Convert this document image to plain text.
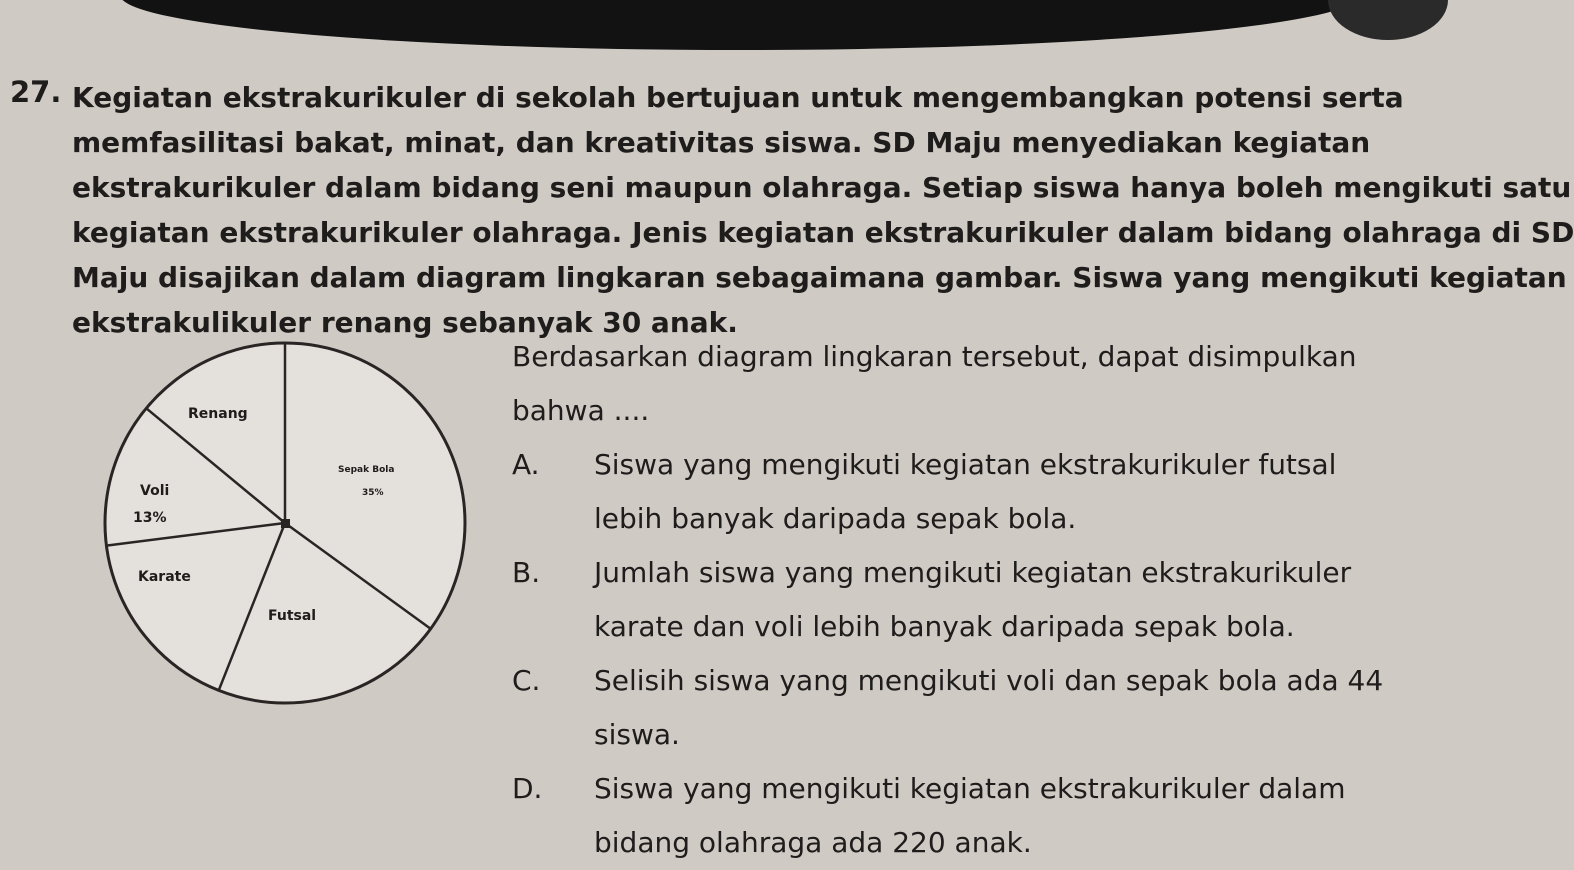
27. Kegiatan ekstrakurikuler di sekolah bertujuan untuk mengembangkan potensi serta
memfasilitasi bakat, minat, dan kreativitas siswa. SD Maju menyediakan kegiatan
ekstrakurikuler dalam bidang seni maupun olahraga. Setiap siswa hanya boleh mengikuti satu
kegiatan ekstrakurikuler olahraga. Jenis kegiatan ekstrakurikuler dalam bidang olahraga di SD
Maju disajikan dalam diagram lingkaran sebagaimana gambar. Siswa yang mengikuti kegiatan
ekstrakulikuler renang sebanyak 30 anak.
Renang
Sepak Bola
35%
Voli
13%
Karate
Futsal
Berdasarkan diagram lingkaran tersebut, dapat disimpulkan
bahwa ....
A. Siswa yang mengikuti kegiatan ekstrakurikuler futsal
lebih banyak daripada sepak bola.
B. Jumlah siswa yang mengikuti kegiatan ekstrakurikuler
karate dan voli lebih banyak daripada sepak bola.
C. Selisih siswa yang mengikuti voli dan sepak bola ada 44
siswa.
D. Siswa yang mengikuti kegiatan ekstrakurikuler dalam
bidang olahraga ada 220 anak.
